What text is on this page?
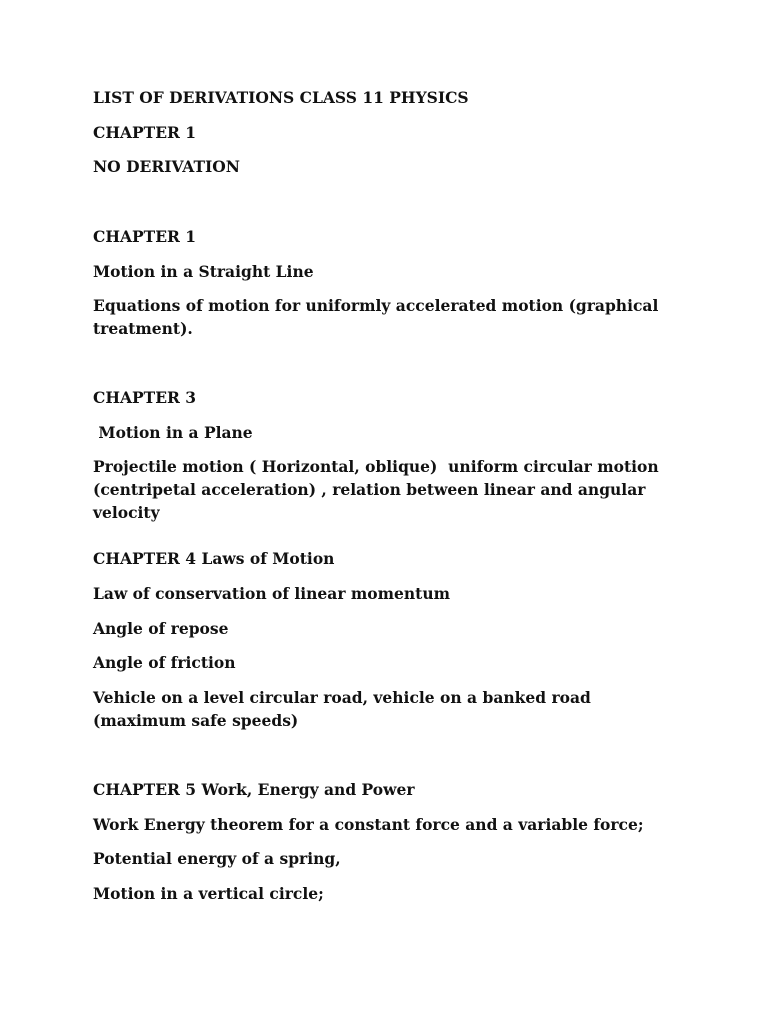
LIST OF DERIVATIONS CLASS 11 PHYSICS

CHAPTER 1

NO DERIVATION

CHAPTER 1

Motion in a Straight Line

Equations of motion for uniformly accelerated motion (graphical treatment).

CHAPTER 3

Motion in a Plane

Projectile motion ( Horizontal, oblique)  uniform circular motion (centripetal acceleration) , relation between linear and angular velocity

CHAPTER 4 Laws of Motion

Law of conservation of linear momentum

Angle of repose

Angle of friction

Vehicle on a level circular road, vehicle on a banked road (maximum safe speeds)

CHAPTER 5 Work, Energy and Power

Work Energy theorem for a constant force and a variable force;

Potential energy of a spring,

Motion in a vertical circle;
